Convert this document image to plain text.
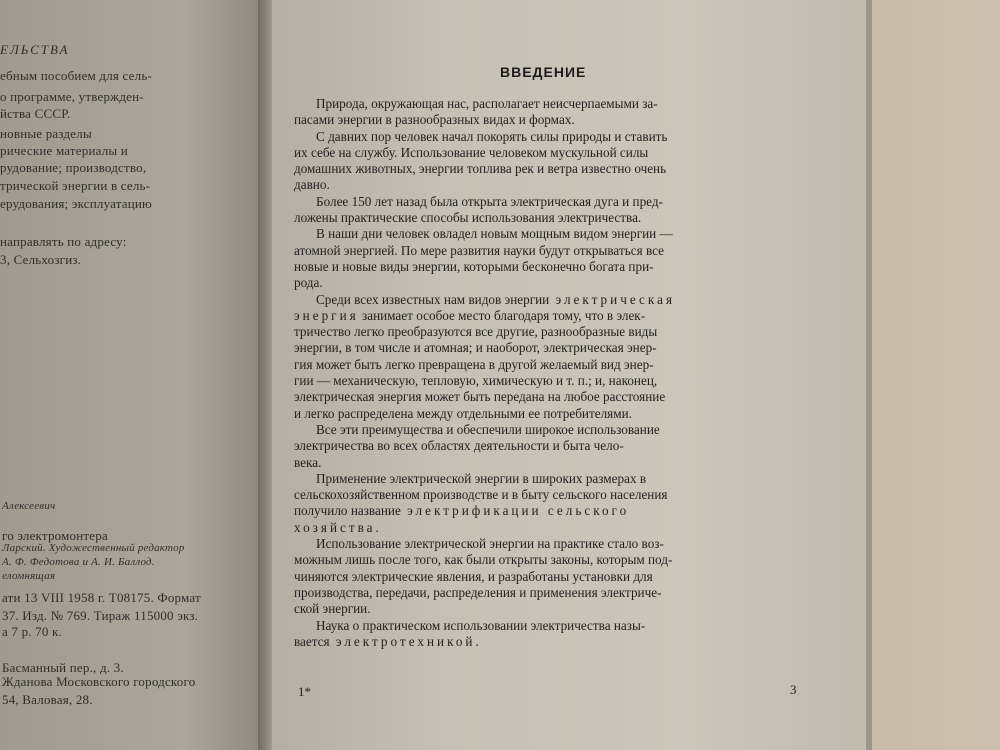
ЕЛЬСТВА
ебным пособием для сель-
о программе, утвержден-
йства СССР.
новные разделы
рические материалы и
рудование; производство,
трической энергии в сель-
ерудования; эксплуатацию
направлять по адресу:
3, Сельхозгиз.
Алексеевич
го электромонтера
Ларский. Художественный редактор
А. Ф. Федотова и А. И. Баллод.
еломнящая
ати 13 VIII 1958 г. Т08175. Формат
37. Изд. № 769. Тираж 115000 экз.
а 7 р. 70 к.
Басманный пер., д. 3.
Жданова Московского городского
54, Валовая, 28.
ВВЕДЕНИЕ
Природа, окружающая нас, располагает неисчерпаемыми за-
пасами энергии в разнообразных видах и формах.
С давних пор человек начал покорять силы природы и ставить
их себе на службу. Использование человеком мускульной силы
домашних животных, энергии топлива рек и ветра известно очень
давно.
Более 150 лет назад была открыта электрическая дуга и пред-
ложены практические способы использования электричества.
В наши дни человек овладел новым мощным видом энергии —
атомной энергией. По мере развития науки будут открываться все
новые и новые виды энергии, которыми бесконечно богата при-
рода.
Среди всех известных нам видов энергии электрическая
энергия занимает особое место благодаря тому, что в элек-
тричество легко преобразуются все другие, разнообразные виды
энергии, в том числе и атомная; и наоборот, электрическая энер-
гия может быть легко превращена в другой желаемый вид энер-
гии — механическую, тепловую, химическую и т. п.; и, наконец,
электрическая энергия может быть передана на любое расстояние
и легко распределена между отдельными ее потребителями.
Все эти преимущества и обеспечили широкое использование
электричества во всех областях деятельности и быта чело-
века.
Применение электрической энергии в широких размерах в
сельскохозяйственном производстве и в быту сельского населения
получило название электрификации сельского
хозяйства.
Использование электрической энергии на практике стало воз-
можным лишь после того, как были открыты законы, которым под-
чиняются электрические явления, и разработаны установки для
производства, передачи, распределения и применения электриче-
ской энергии.
Наука о практическом использовании электричества назы-
вается электротехникой.
1*	3
